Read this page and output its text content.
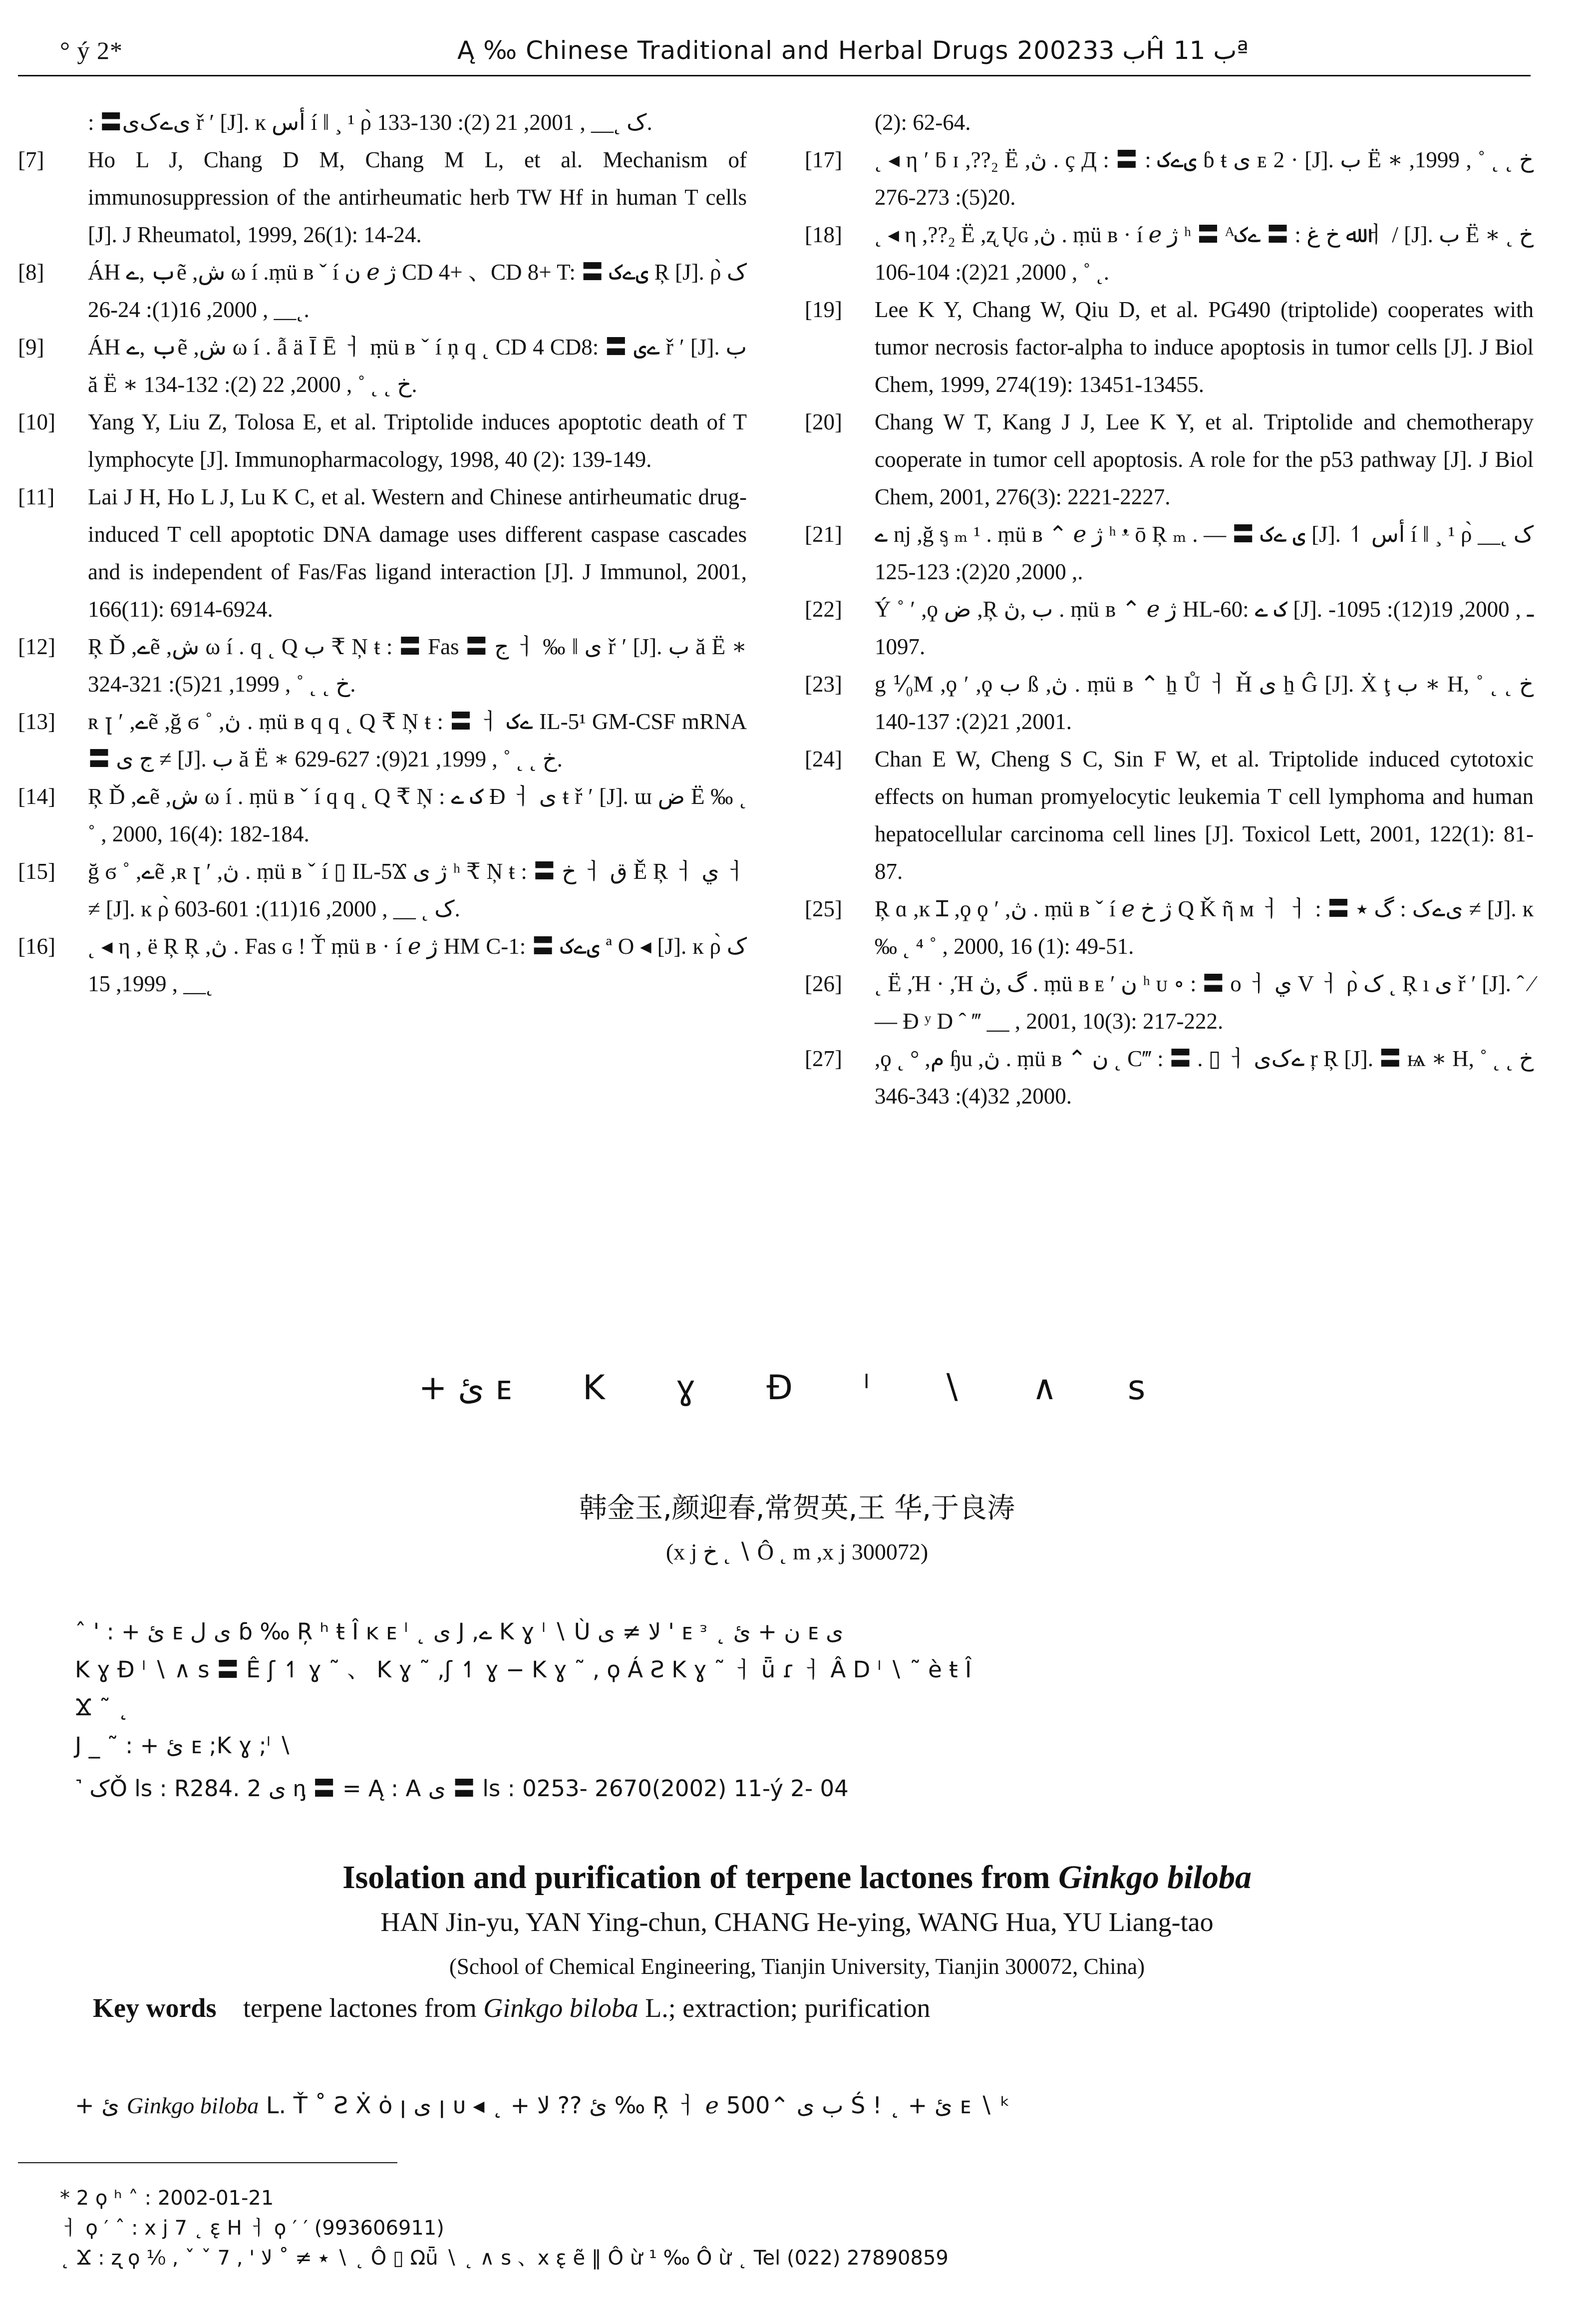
° ý 2*	Ą ‰ Chinese Traditional and Herbal Drugs 2002ب 33Ĥ ب 11ª
: 〓ی‌ےک‌ی‌ ř ′ [J]. ĸ أس í ‖ ¸ ¹ ρ̀ ک ˛__ , 2001, 21 (2): 130-133.
[7]	Ho L J, Chang D M, Chang M L, et al. Mechanism of immunosuppression of the antirheumatic herb TW Hf in human T cells [J]. J Rheumatol, 1999, 26(1): 14-24.
[8]	ÁH ب ,ےẽ ,ش ω í .ṃü ʙ ˇ í ن ℯ ژ CD 4+ 、CD 8+ T: 〓 ی‌ےک Ŗ [J]. ρ̀ ک ˛__ , 2000, 16(1): 24-26.
[9]	ÁH ب ,ےẽ ,ش ω í . ẫ ä Ī Ē ㅓ ṃü ʙ ˇ í ņ q ˛ CD 4 CD8: 〓 ےی ř ′ [J]. ب ă Ë ∗ خ ˛ ˛ ˚ , 2000, 22 (2): 132-134.
[10]	Yang Y, Liu Z, Tolosa E, et al. Triptolide induces apoptotic death of T lymphocyte [J]. Immunopharmacology, 1998, 40 (2): 139-149.
[11]	Lai J H, Ho L J, Lu K C, et al. Western and Chinese antirheumatic drug-induced T cell apoptotic DNA damage uses different caspase cascades and is independent of Fas/Fas ligand interaction [J]. J Immunol, 2001, 166(11): 6914-6924.
[12]	Ŗ Ď ,ےẽ ,ش ω í . q ˛ Q ب ₹ Ņ ŧ : 〓 Fas 〓 ج ㅓ ‰ ‖ ی ř ′ [J]. ب ă Ë ∗ خ ˛ ˛ ˚ , 1999, 21(5): 321-324.
[13]	ʀ ꞁ ′ ,ےẽ ,ğ ϭ ˚ ,ڽ . ṃü ʙ q q ˛ Q ₹ Ņ ŧ : 〓 ㅓ ےک IL-5¹ GM-CSF mRNA 〓 ج ی ≠ [J]. ب ă Ë ∗ خ ˛ ˛ ˚ , 1999, 21(9): 627-629.
[14]	Ŗ Ď ,ےẽ ,ش ω í . ṃü ʙ ˇ í q q ˛ Q ₹ Ņ : ک ے Ɖ ㅓ ی ŧ ř ′ [J]. ɯ ض Ë ‰ ˛ ˚ , 2000, 16(4): 182-184.
[15]	ğ ϭ ˚ ,ےẽ ,ʀ ꞁ ′ ,ڽ . ṃü ʙ ˇ í ▯ IL-5Ϫ ژ ی ʰ ₹ Ņ ŧ : 〓 خ ㅓ ق Ě Ŗ ㅓ ي ㅓ ≠ [J]. ĸ ρ̀ ک ˛ __ , 2000, 16(11): 601-603.
[16]	˛ ◂ η , ë Ŗ Ŗ ,ڽ . Fas ɢ ! Ť ṃü ʙ · í ℯ ژ HM C-1: 〓 ی‌ےک ª O ◂ [J]. ĸ ρ̀ ک ˛__ , 1999, 15
(2): 62-64.
[17]	˛ ◂ η ′ ƃ ɪ ,??₂ Ë ,ڽ . ç Д : 〓 : ی‌ےک ɓ ŧ ی ᴇ 2 · [J]. ب Ë ∗ خ ˛ ˛ ˚ , 1999, 20(5): 273-276.
[18]	˛ ◂ η ,??₂ Ë ,ʐ Ųɢ ,ڽ . ṃü ʙ · í ℯ ژ ʰ 〓 ᴬ‎ﷲ خ ﻍ : 〓 ےک ㅓ / [J]. ب Ë ∗ خ ˛ ˛ ˚ , 2000, 21(2): 104-106.
[19]	Lee K Y, Chang W, Qiu D, et al. PG490 (triptolide) cooperates with tumor necrosis factor-alpha to induce apoptosis in tumor cells [J]. J Biol Chem, 1999, 274(19): 13451-13455.
[20]	Chang W T, Kang J J, Lee K Y, et al. Triptolide and chemotherapy cooperate in tumor cell apoptosis. A role for the p53 pathway [J]. J Biol Chem, 2001, 276(3): 2221-2227.
[21]	ے nj ,ğ ᶊ ₘ ¹ . ṃü ʙ ⌃ ℯ ژ ʰ ᵜ ō Ŗ ₘ . — 〓 ی ےک [J]. ↿ أس í ‖ ¸ ¹ ρ̀ ک ˛__ , 2000, 20(2): 123-125.
[22]	Ý ˚ ′ ,ϙ ض ,Ŗ ب ,ڽ . ṃü ʙ ⌃ ℯ ژ HL-60: ک ے [J]. ـ , 2000, 19(12): 1095-1097.
[23]	g ⅟₀M ,ϙ ′ ,ϙ ب ß ,ڽ . ṃü ʙ ⌃ ẖ Ů ㅓ Ȟ ی ẖ Ĝ [J]. Ẋ ţ ب ∗ Hخ ˛ ˛ ˚ , 2001, 21(2): 137-140.
[24]	Chan E W, Cheng S C, Sin F W, et al. Triptolide induced cytotoxic effects on human promyelocytic leukemia T cell lymphoma and human hepatocellular carcinoma cell lines [J]. Toxicol Lett, 2001, 122(1): 81-87.
[25]	Ŗ ɑ ,ĸ Ɪ ,ϙ ϙ ′ ,ڽ . ṃü ʙ ˇ í ℯ ژ خ Q Ǩ ῆ ᴍ ㅓ ㅓ : 〓 ی‌ےک : گ ٭ ≠ [J]. ĸ ‰ ˛ ⁴ ˚ , 2000, 16 (1): 49-51.
[26]	˛ Ë ,Ή · ,Ή گ ,ڽ . ṃü ʙ ᴇ ′ ن ʰ ᴜ ∘ : 〓 ο ㅓ ي V ㅓ ρ̀ ک ˛ Ŗ ı ی ř ′ [J]. ˆ ⁄ — Ɖ ʸ D ˆ ‴ __ , 2001, 10(3): 217-222.
[27]	,ϙ ˛ ° ,م ɧu ,ڽ . ṃü ʙ ⌃ ن ˛ C‴ : 〓 . ▯ ㅓ ےک‌ی‌ ŗ Ŗ [J]. 〓 ѩ ∗ Hخ ˛ ˛ ˚ , 2000, 32(4): 343-346.
+ ئ ᴇ Κ ɣ Ɖ ˡ ∖ ∧ s
韩金玉,颜迎春,常贺英,王 华,于良涛
(x j خ ˛ ∖ Ô ˛ m ,x j 300072)

ˆ ' : + ئ ᴇ ی ل ɓ ‰ Ŗ ʰ ŧ Î ĸ ᴇ ˡ ˛ ی J ,ے Κ ɣ ˡ ∖ Ù ﻻ ≠ ی ' ᴇ ᵌ ˛ ن + ئ ᴇ ی

Κ ɣ Ɖ ˡ ∖ ∧ s 〓 Ê ʃ ↿ ɣ ˜ 、 Κ ɣ ˜ ,ʃ ↿ ɣ − Κ ɣ ˜ , ϙ Á Ƨ Κ ɣ ˜ ㅓ ǖ ɾ ㅓ Â D ˡ ∖ ˜ è ŧ Î

Ϫ ˜ ˛

J _ ˜ : + ئ ᴇ ;Κ ɣ ;ˡ ∖

˺ کǑ ls : R284. 2 ی ᶇ 〓 = Ą : A ی 〓 ls : 0253- 2670(2002) 11-ý 2- 04

Isolation and purification of terpene lactones from Ginkgo biloba
HAN Jin-yu, YAN Ying-chun, CHANG He-ying, WANG Hua, YU Liang-tao
(School of Chemical Engineering, Tianjin University, Tianjin 300072, China)
Key words terpene lactones from Ginkgo biloba L.; extraction; purification
+ ئ Ginkgo biloba L. Ť ˚ Ƨ Ẋ ȯ ꞁ ی ꞁ ᴜ ◂ ˛ + ئ ?? ﻻ ‰ Ŗ ㅓ ℯ 500⌃ ب ی Ś ! ˛ + ئ ᴇ ∖ ᵏ

* 2 ϙ ʰ ˄ : 2002-01-21

ㅓ ϙ ′ ˆ : x j 7 ˛ ε̨ H ㅓ ϙ ′ ′ (993606911)

˛ Ϫ : ʐ ϙ ⅟₀ , ˇ ˇ 7 , ' ٭ ≠ ˚ ﻻ ∖ ˛ Ô ▯ Ωǖ ∖ ˛ ∧ s 、x ε̨ ẽ ‖ Ô ừ ¹ ‰ Ô ừ ˛ Tel (022) 27890859
